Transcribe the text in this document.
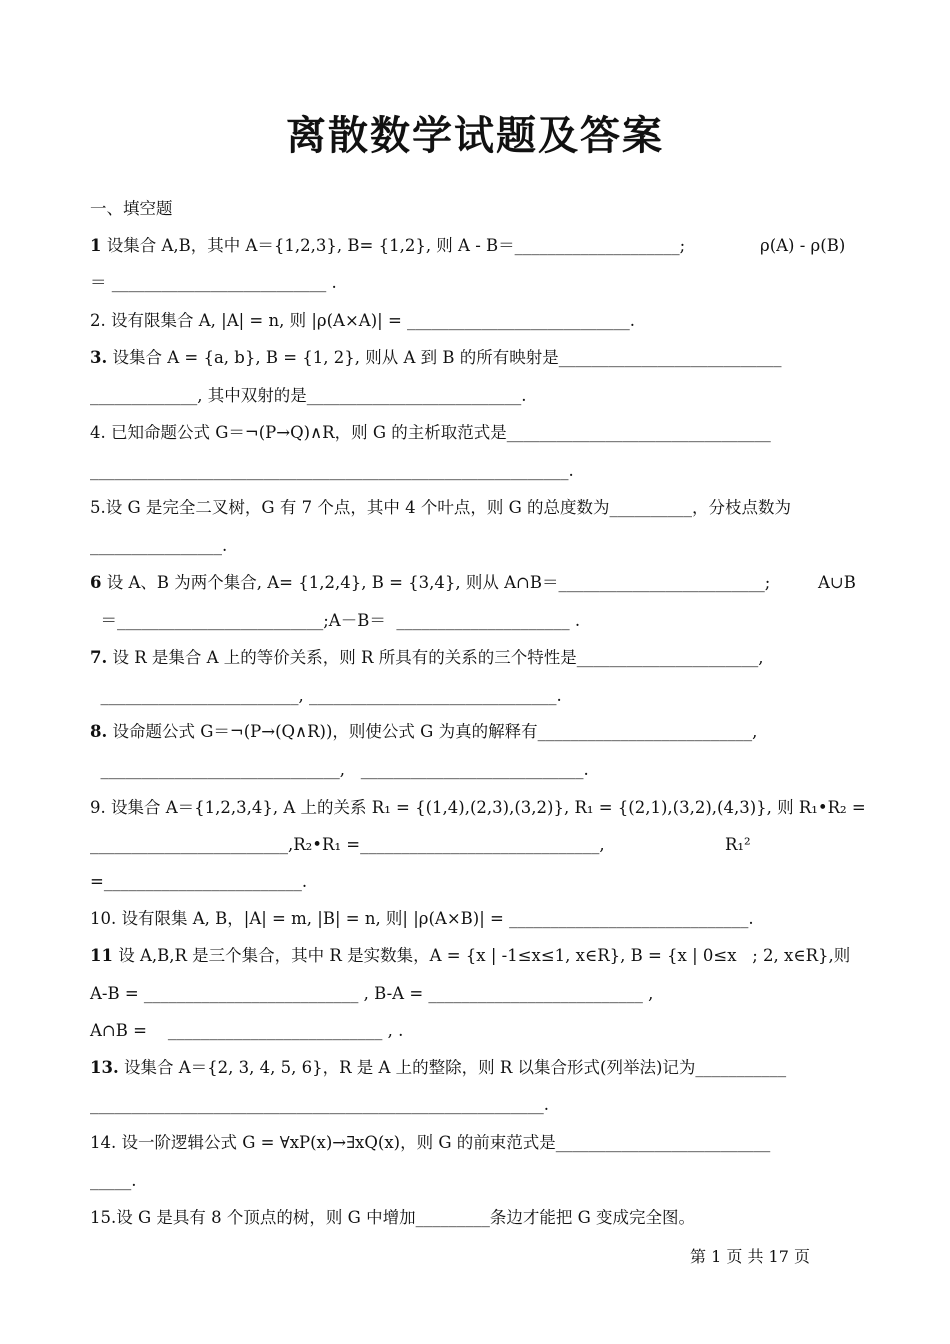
离散数学试题及答案
一、填空题
1 设集合 A,B，其中 A＝{1,2,3}, B= {1,2}, 则 A - B＝____________________;	ρ(A) - ρ(B)
＝ __________________________ .
2. 设有限集合 A, |A| = n, 则 |ρ(A×A)| = ___________________________.
3. 设集合 A = {a, b}, B = {1, 2}, 则从 A 到 B 的所有映射是___________________________
_____________, 其中双射的是__________________________.
4. 已知命题公式 G＝¬(P→Q)∧R，则 G 的主析取范式是________________________________
__________________________________________________________.
5.设 G 是完全二叉树，G 有 7 个点，其中 4 个叶点，则 G 的总度数为__________，分枝点数为
________________.
6 设 A、B 为两个集合, A= {1,2,4}, B = {3,4}, 则从 A∩B＝_________________________;	A∪B
＝_________________________;A－B＝  _____________________ .
7. 设 R 是集合 A 上的等价关系，则 R 所具有的关系的三个特性是______________________,
________________________, ______________________________.
8. 设命题公式 G＝¬(P→(Q∧R))，则使公式 G 为真的解释有__________________________,
_____________________________,   ___________________________.
9. 设集合 A＝{1,2,3,4}, A 上的关系 R₁ = {(1,4),(2,3),(3,2)}, R₁ = {(2,1),(3,2),(4,3)}, 则 R₁•R₂ =
________________________,R₂•R₁ =_____________________________,	R₁²
=________________________.
10. 设有限集 A, B，|A| = m, |B| = n, 则| |ρ(A×B)| = _____________________________.
11 设 A,B,R 是三个集合，其中 R 是实数集，A = {x | -1≤x≤1, x∈R}, B = {x | 0≤x   ; 2, x∈R},则
A-B = __________________________ , B-A = __________________________ ,
A∩B =    __________________________ , .
13. 设集合 A＝{2, 3, 4, 5, 6}，R 是 A 上的整除，则 R 以集合形式(列举法)记为___________
_______________________________________________________.
14. 设一阶逻辑公式 G = ∀xP(x)→∃xQ(x)，则 G 的前束范式是__________________________
_____.
15.设 G 是具有 8 个顶点的树，则 G 中增加_________条边才能把 G 变成完全图。
第 1 页 共 17 页
